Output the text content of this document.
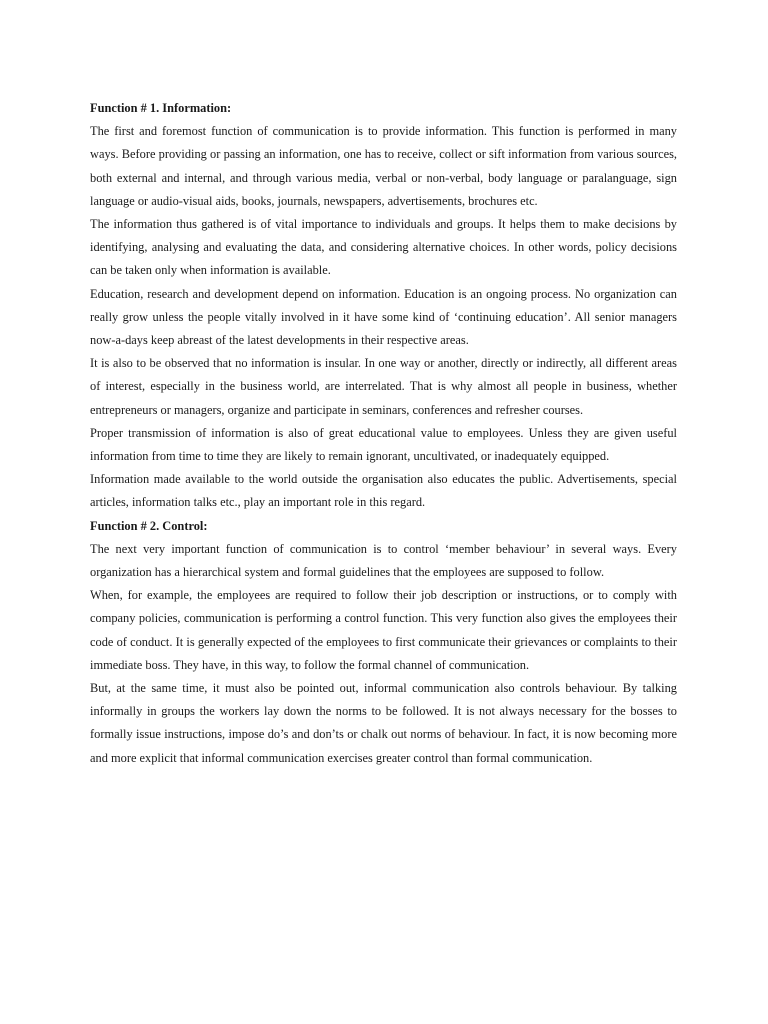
Function # 1. Information:

The first and foremost function of communication is to provide information. This function is performed in many ways. Before providing or passing an information, one has to receive, collect or sift information from various sources, both external and internal, and through various media, verbal or non-verbal, body language or paralanguage, sign language or audio-visual aids, books, journals, newspapers, advertisements, brochures etc.

The information thus gathered is of vital importance to individuals and groups. It helps them to make decisions by identifying, analysing and evaluating the data, and considering alternative choices. In other words, policy decisions can be taken only when information is available.

Education, research and development depend on information. Education is an ongoing process. No organization can really grow unless the people vitally involved in it have some kind of ‘continuing education’. All senior managers now-a-days keep abreast of the latest developments in their respective areas.

It is also to be observed that no information is insular. In one way or another, directly or indirectly, all different areas of interest, especially in the business world, are interrelated. That is why almost all people in business, whether entrepreneurs or managers, organize and participate in seminars, conferences and refresher courses.

Proper transmission of information is also of great educational value to employees. Unless they are given useful information from time to time they are likely to remain ignorant, uncultivated, or inadequately equipped.

Information made available to the world outside the organisation also educates the public. Advertisements, special articles, information talks etc., play an important role in this regard.

Function # 2. Control:

The next very important function of communication is to control ‘member behaviour’ in several ways. Every organization has a hierarchical system and formal guidelines that the employees are supposed to follow.

When, for example, the employees are required to follow their job description or instructions, or to comply with company policies, communication is performing a control function. This very function also gives the employees their code of conduct. It is generally expected of the employees to first communicate their grievances or complaints to their immediate boss. They have, in this way, to follow the formal channel of communication.

But, at the same time, it must also be pointed out, informal communication also controls behaviour. By talking informally in groups the workers lay down the norms to be followed. It is not always necessary for the bosses to formally issue instructions, impose do’s and don’ts or chalk out norms of behaviour. In fact, it is now becoming more and more explicit that informal communication exercises greater control than formal communication.
